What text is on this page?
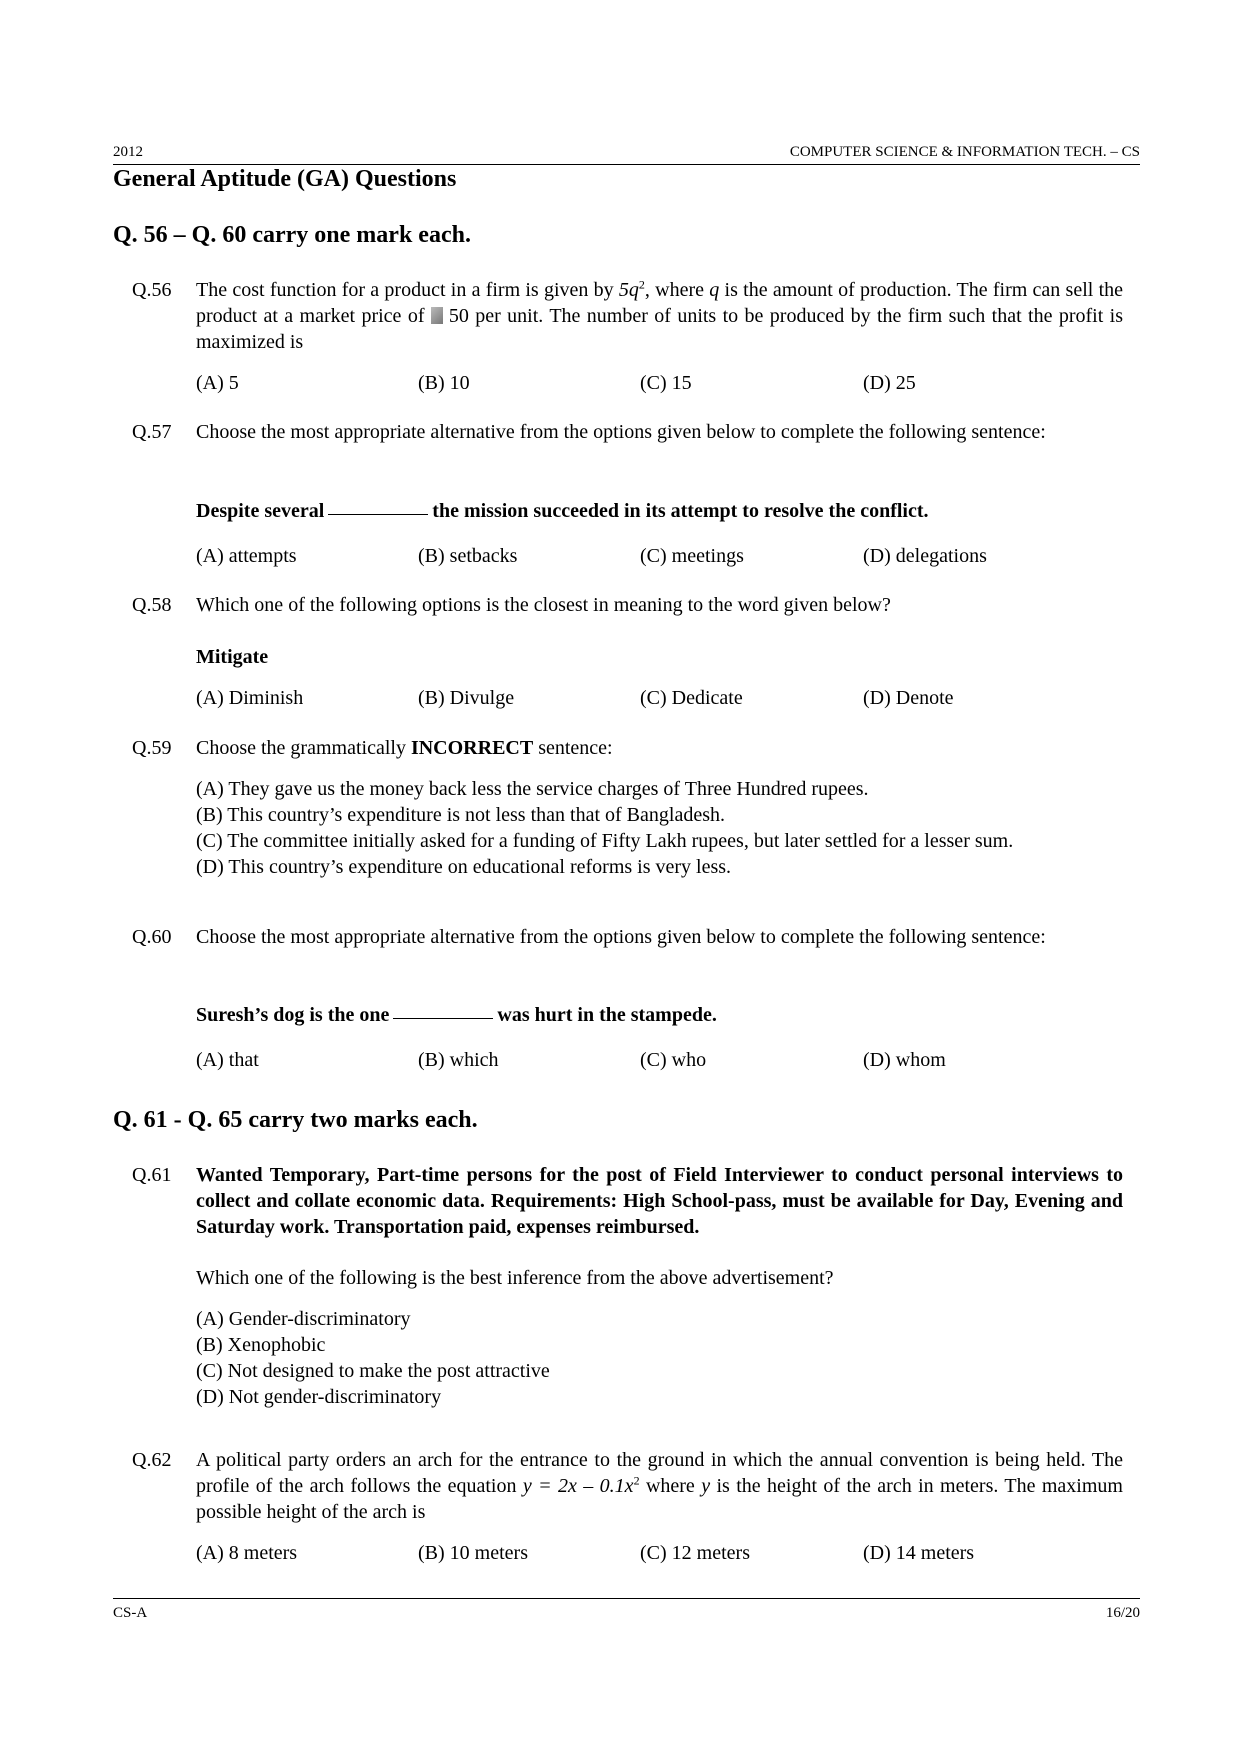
2012	COMPUTER SCIENCE & INFORMATION TECH. – CS
General Aptitude (GA) Questions
Q. 56 – Q. 60 carry one mark each.
Q.56 The cost function for a product in a firm is given by $5q^2$, where q is the amount of production. The firm can sell the product at a market price of 50 per unit. The number of units to be produced by the firm such that the profit is maximized is
(A) 5	(B) 10	(C) 15	(D) 25
Q.57 Choose the most appropriate alternative from the options given below to complete the following sentence:
Despite several	the mission succeeded in its attempt to resolve the conflict.
(A) attempts	(B) setbacks	(C) meetings	(D) delegations
Q.58 Which one of the following options is the closest in meaning to the word given below?
Mitigate
(A) Diminish	(B) Divulge	(C) Dedicate	(D) Denote
Q.59 Choose the grammatically INCORRECT sentence:
(A) They gave us the money back less the service charges of Three Hundred rupees.
(B) This country’s expenditure is not less than that of Bangladesh.
(C) The committee initially asked for a funding of Fifty Lakh rupees, but later settled for a lesser sum.
(D) This country’s expenditure on educational reforms is very less.
Q.60 Choose the most appropriate alternative from the options given below to complete the following sentence:
Suresh’s dog is the one	was hurt in the stampede.
(A) that	(B) which	(C) who	(D) whom
Q. 61 - Q. 65 carry two marks each.
Q.61 Wanted Temporary, Part-time persons for the post of Field Interviewer to conduct personal interviews to collect and collate economic data. Requirements: High School-pass, must be available for Day, Evening and Saturday work. Transportation paid, expenses reimbursed.
Which one of the following is the best inference from the above advertisement?
(A) Gender-discriminatory
(B) Xenophobic
(C) Not designed to make the post attractive
(D) Not gender-discriminatory
Q.62 A political party orders an arch for the entrance to the ground in which the annual convention is being held. The profile of the arch follows the equation $y = 2x - 0.1x^2$ where y is the height of the arch in meters. The maximum possible height of the arch is
(A) 8 meters	(B) 10 meters	(C) 12 meters	(D) 14 meters
CS-A	16/20
